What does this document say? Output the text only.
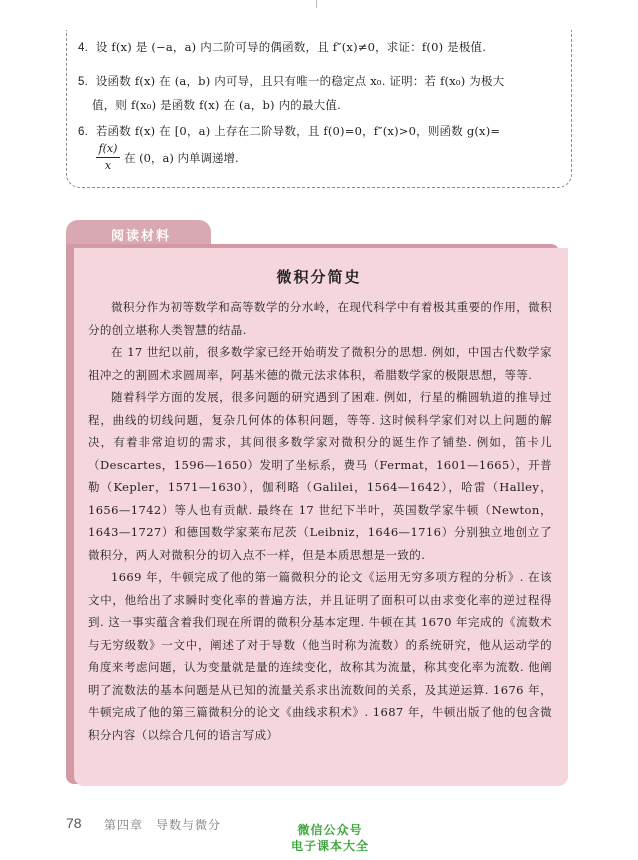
4. 设 f(x) 是 (−a，a) 内二阶可导的偶函数，且 f″(x)≠0，求证：f(0) 是极值.
5. 设函数 f(x) 在 (a，b) 内可导，且只有唯一的稳定点 x₀. 证明：若 f(x₀) 为极大
值，则 f(x₀) 是函数 f(x) 在 (a，b) 内的最大值.
6. 若函数 f(x) 在 [0，a) 上存在二阶导数，且 f(0)=0，f″(x)>0，则函数 g(x)=
f(x)
x
在 (0，a) 内单调递增.
阅读材料
微积分简史

微积分作为初等数学和高等数学的分水岭，在现代科学中有着极其重要的作用，微积分的创立堪称人类智慧的结晶.

在 17 世纪以前，很多数学家已经开始萌发了微积分的思想. 例如，中国古代数学家祖冲之的割圆术求圆周率，阿基米德的微元法求体积，希腊数学家的极限思想，等等.

随着科学方面的发展，很多问题的研究遇到了困难. 例如，行星的椭圆轨道的推导过程，曲线的切线问题，复杂几何体的体积问题，等等. 这时候科学家们对以上问题的解决，有着非常迫切的需求，其间很多数学家对微积分的诞生作了铺垫. 例如，笛卡儿（Descartes，1596—1650）发明了坐标系，费马（Fermat，1601—1665），开普勒（Kepler，1571—1630），伽利略（Galilei，1564—1642），哈雷（Halley，1656—1742）等人也有贡献. 最终在 17 世纪下半叶，英国数学家牛顿（Newton，1643—1727）和德国数学家莱布尼茨（Leibniz，1646—1716）分别独立地创立了微积分，两人对微积分的切入点不一样，但是本质思想是一致的.

1669 年，牛顿完成了他的第一篇微积分的论文《运用无穷多项方程的分析》. 在该文中，他给出了求瞬时变化率的普遍方法，并且证明了面积可以由求变化率的逆过程得到. 这一事实蕴含着我们现在所谓的微积分基本定理. 牛顿在其 1670 年完成的《流数术与无穷级数》一文中，阐述了对于导数（他当时称为流数）的系统研究，他从运动学的角度来考虑问题，认为变量就是量的连续变化，故称其为流量，称其变化率为流数. 他阐明了流数法的基本问题是从已知的流量关系求出流数间的关系，及其逆运算. 1676 年，牛顿完成了他的第三篇微积分的论文《曲线求积术》. 1687 年，牛顿出版了他的包含微积分内容（以综合几何的语言写成）

78 第四章　导数与微分	微信公众号
电子课本大全
